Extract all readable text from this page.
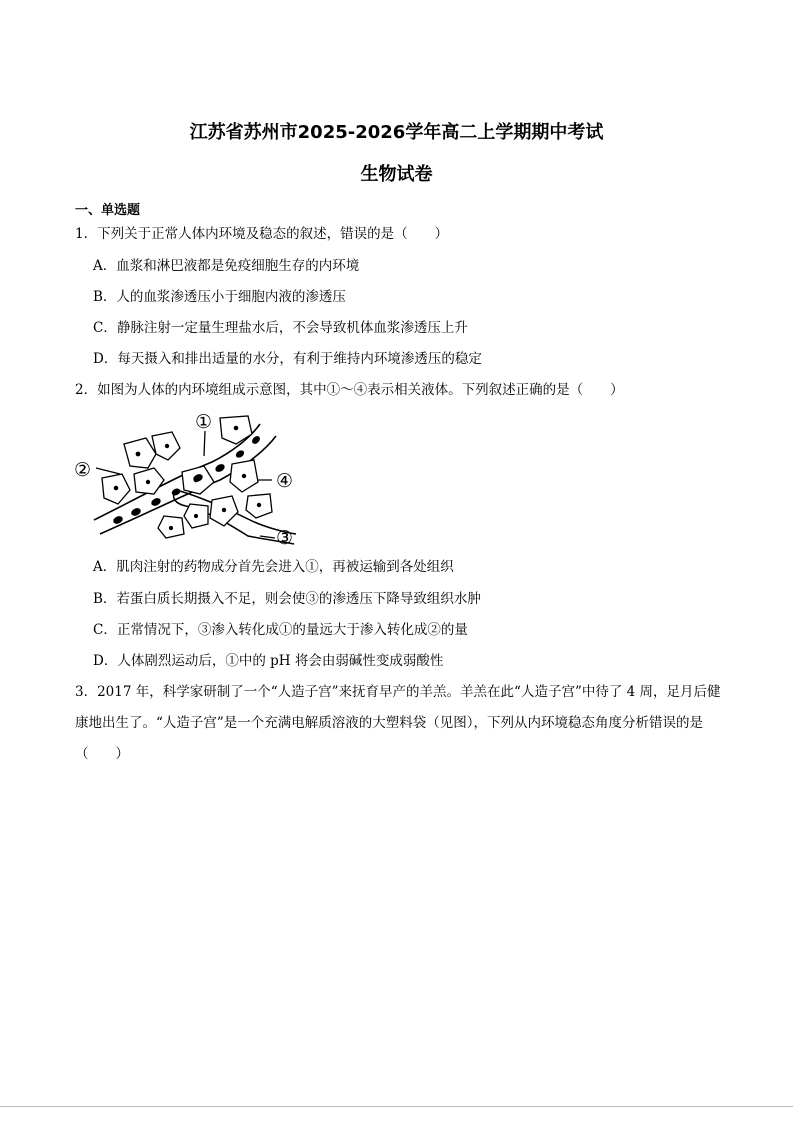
江苏省苏州市2025-2026学年高二上学期期中考试
生物试卷
一、单选题
1．下列关于正常人体内环境及稳态的叙述，错误的是（　　）
A．血浆和淋巴液都是免疫细胞生存的内环境
B．人的血浆渗透压小于细胞内液的渗透压
C．静脉注射一定量生理盐水后，不会导致机体血浆渗透压上升
D．每天摄入和排出适量的水分，有利于维持内环境渗透压的稳定
2．如图为人体的内环境组成示意图，其中①～④表示相关液体。下列叙述正确的是（　　）
①
②
③
④
A．肌肉注射的药物成分首先会进入①，再被运输到各处组织
B．若蛋白质长期摄入不足，则会使③的渗透压下降导致组织水肿
C．正常情况下，③渗入转化成①的量远大于渗入转化成②的量
D．人体剧烈运动后，①中的 pH 将会由弱碱性变成弱酸性
3．2017 年，科学家研制了一个“人造子宫”来抚育早产的羊羔。羊羔在此“人造子宫”中待了 4 周，足月后健
康地出生了。“人造子宫”是一个充满电解质溶液的大塑料袋（见图），下列从内环境稳态角度分析错误的是
（　　）
